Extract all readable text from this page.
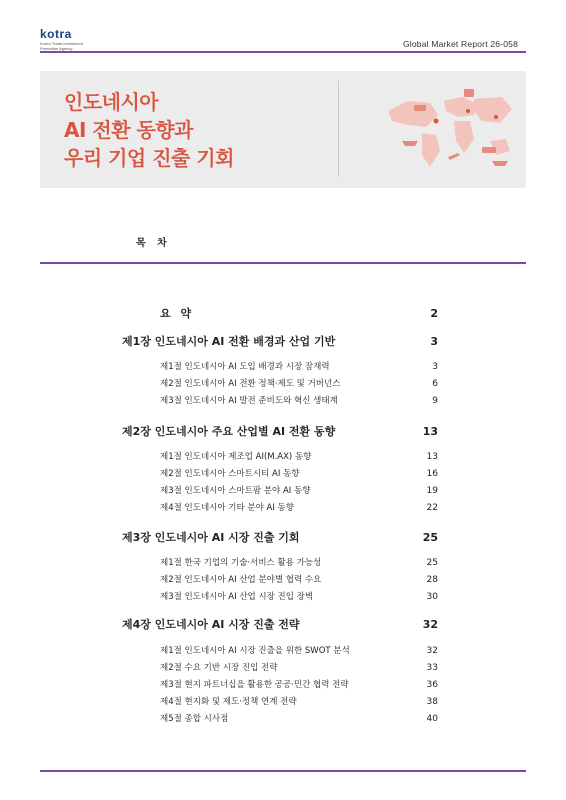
kotra
Korea Trade-Investment
Promotion Agency	Global Market Report 26-058
인도네시아
AI 전환 동향과
우리 기업 진출 기회
목 차
요 약	2
제1장 인도네시아 AI 전환 배경과 산업 기반	3
제1절 인도네시아 AI 도입 배경과 시장 잠재력	3
제2절 인도네시아 AI 전환 정책·제도 및 거버넌스	6
제3절 인도네시아 AI 발전 준비도와 혁신 생태계	9
제2장 인도네시아 주요 산업별 AI 전환 동향	13
제1절 인도네시아 제조업 AI(M.AX) 동향	13
제2절 인도네시아 스마트시티 AI 동향	16
제3절 인도네시아 스마트팜 분야 AI 동향	19
제4절 인도네시아 기타 분야 AI 동향	22
제3장 인도네시아 AI 시장 진출 기회	25
제1절 한국 기업의 기술·서비스 활용 가능성	25
제2절 인도네시아 AI 산업 분야별 협력 수요	28
제3절 인도네시아 AI 산업 시장 진입 장벽	30
제4장 인도네시아 AI 시장 진출 전략	32
제1절 인도네시아 AI 시장 진출을 위한 SWOT 분석	32
제2절 수요 기반 시장 진입 전략	33
제3절 현지 파트너십을 활용한 공공·민간 협력 전략	36
제4절 현지화 및 제도·정책 연계 전략	38
제5절 종합 시사점	40
